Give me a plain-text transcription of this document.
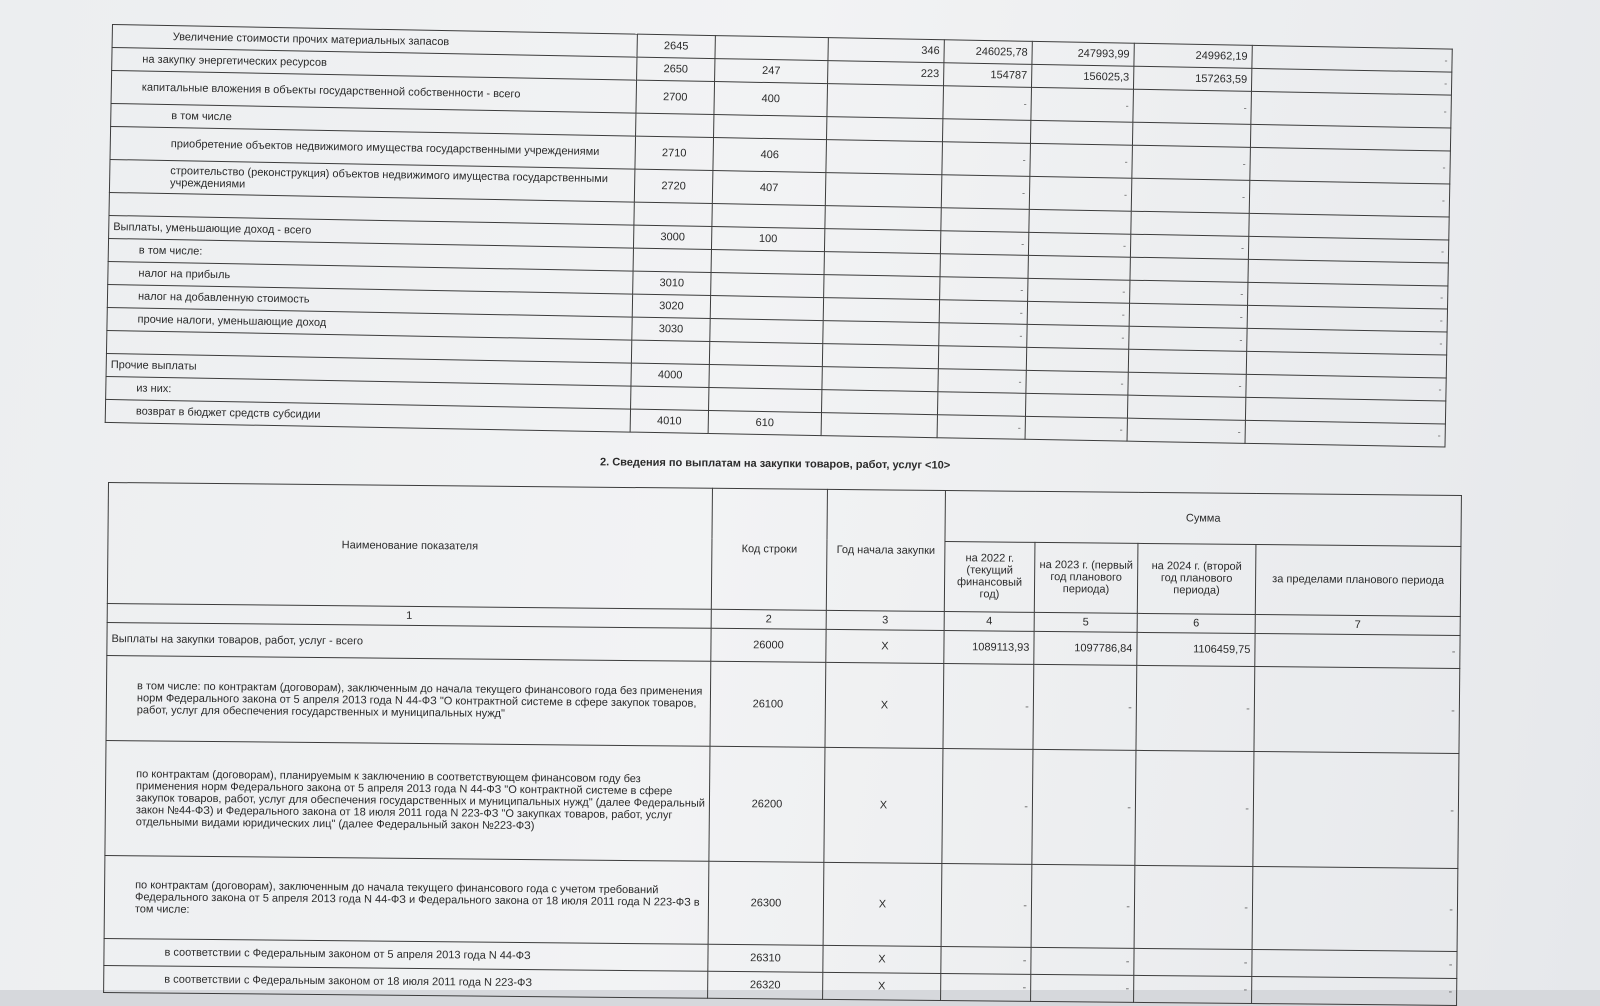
Увеличение стоимости прочих материальных запасов	2645		346	246025,78	247993,99	249962,19	-
на закупку энергетических ресурсов	2650	247	223	154787	156025,3	157263,59	-
капитальные вложения в объекты государственной собственности - всего	2700	400		-	-	-	-
в том числе							
приобретение объектов недвижимого имущества государственными учреждениями	2710	406		-	-	-	-
строительство (реконструкция) объектов недвижимого имущества государственными учреждениями	2720	407		-	-	-	-

Выплаты, уменьшающие доход - всего	3000	100		-	-	-	-
в том числе:							
налог на прибыль	3010			-	-	-	-
налог на добавленную стоимость	3020			-	-	-	-
прочие налоги, уменьшающие доход	3030			-	-	-	-

Прочие выплаты	4000			-	-	-	-
из них:							
возврат в бюджет средств субсидии	4010	610		-	-	-	-
2. Сведения по выплатам на закупки товаров, работ, услуг <10>
Наименование показателя	Код строки	Год начала закупки	Сумма			
			на 2022 г. (текущий финансовый год)	на 2023 г. (первый год планового периода)	на 2024 г. (второй год планового периода)	за пределами планового периода
1	2	3	4	5	6	7
Выплаты на закупки товаров, работ, услуг - всего	26000	Х	1089113,93	1097786,84	1106459,75	-
в том числе: по контрактам (договорам), заключенным до начала текущего финансового года без применения норм Федерального закона от 5 апреля 2013 года N 44-ФЗ "О контрактной системе в сфере закупок товаров, работ, услуг для обеспечения государственных и муниципальных нужд"	26100	Х	-	-	-	-
по контрактам (договорам), планируемым к заключению в соответствующем финансовом году без применения норм Федерального закона от 5 апреля 2013 года N 44-ФЗ "О контрактной системе в сфере закупок товаров, работ, услуг для обеспечения государственных и муниципальных нужд" (далее Федеральный закон №44-ФЗ) и Федерального закона от 18 июля 2011 года N 223-ФЗ "О закупках товаров, работ, услуг отдельными видами юридических лиц" (далее Федеральный закон №223-ФЗ)	26200	Х	-	-	-	-
по контрактам (договорам), заключенным до начала текущего финансового года с учетом требований Федерального закона от 5 апреля 2013 года N 44-ФЗ и Федерального закона от 18 июля 2011 года N 223-ФЗ в том числе:	26300	Х	-	-	-	-
в соответствии с Федеральным законом от 5 апреля 2013 года N 44-ФЗ	26310	Х	-	-	-	-
в соответствии с Федеральным законом от 18 июля 2011 года N 223-ФЗ	26320	Х	-	-	-	-
